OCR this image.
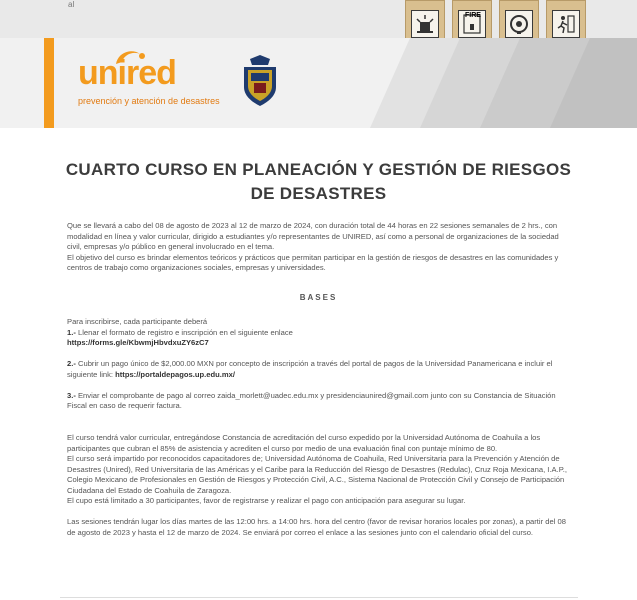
al
FIRE
unired
prevención y atención de desastres
CUARTO CURSO EN PLANEACIÓN Y GESTIÓN DE RIESGOS
DE DESASTRES

Que se llevará a cabo del 08 de agosto de 2023 al 12 de marzo de 2024, con duración total de 44 horas en 22 sesiones semanales de 2 hrs., con modalidad en línea y valor curricular, dirigido a estudiantes y/o representantes de UNIRED, así como a personal de organizaciones de la sociedad civil, empresas y/o público en general involucrado en el tema.

El objetivo del curso es brindar elementos teóricos y prácticos que permitan participar en la gestión de riesgos de desastres en las comunidades y centros de trabajo como organizaciones sociales, empresas y universidades.

BASES

Para inscribirse, cada participante deberá

1.- Llenar el formato de registro e inscripción en el siguiente enlace

https://forms.gle/KbwmjHbvdxuZY6zC7

2.- Cubrir un pago único de $2,000.00 MXN por concepto de inscripción a través del portal de pagos de la Universidad Panamericana e incluir el siguiente link: https://portaldepagos.up.edu.mx/

3.- Enviar el comprobante de pago al correo zaida_morlett@uadec.edu.mx y presidenciaunired@gmail.com junto con su Constancia de Situación Fiscal en caso de requerir factura.

El curso tendrá valor curricular, entregándose Constancia de acreditación del curso expedido por la Universidad Autónoma de Coahuila a los participantes que cubran el 85% de asistencia y acrediten el curso por medio de una evaluación final con puntaje mínimo de 80.

El curso será impartido por reconocidos capacitadores de; Universidad Autónoma de Coahuila, Red Universitaria para la Prevención y Atención de Desastres (Unired), Red Universitaria de las Américas y el Caribe para la Reducción del Riesgo de Desastres (Redulac), Cruz Roja Mexicana, I.A.P., Colegio Mexicano de Profesionales en Gestión de Riesgos y Protección Civil, A.C., Sistema Nacional de Protección Civil y Consejo de Participación Ciudadana del Estado de Coahuila de Zaragoza.

El cupo está limitado a 30 participantes, favor de registrarse y realizar el pago con anticipación para asegurar su lugar.

Las sesiones tendrán lugar los días martes de las 12:00 hrs. a 14:00 hrs. hora del centro (favor de revisar horarios locales por zonas), a partir del 08 de agosto de 2023 y hasta el 12 de marzo de 2024. Se enviará por correo el enlace a las sesiones junto con el calendario oficial del curso.
